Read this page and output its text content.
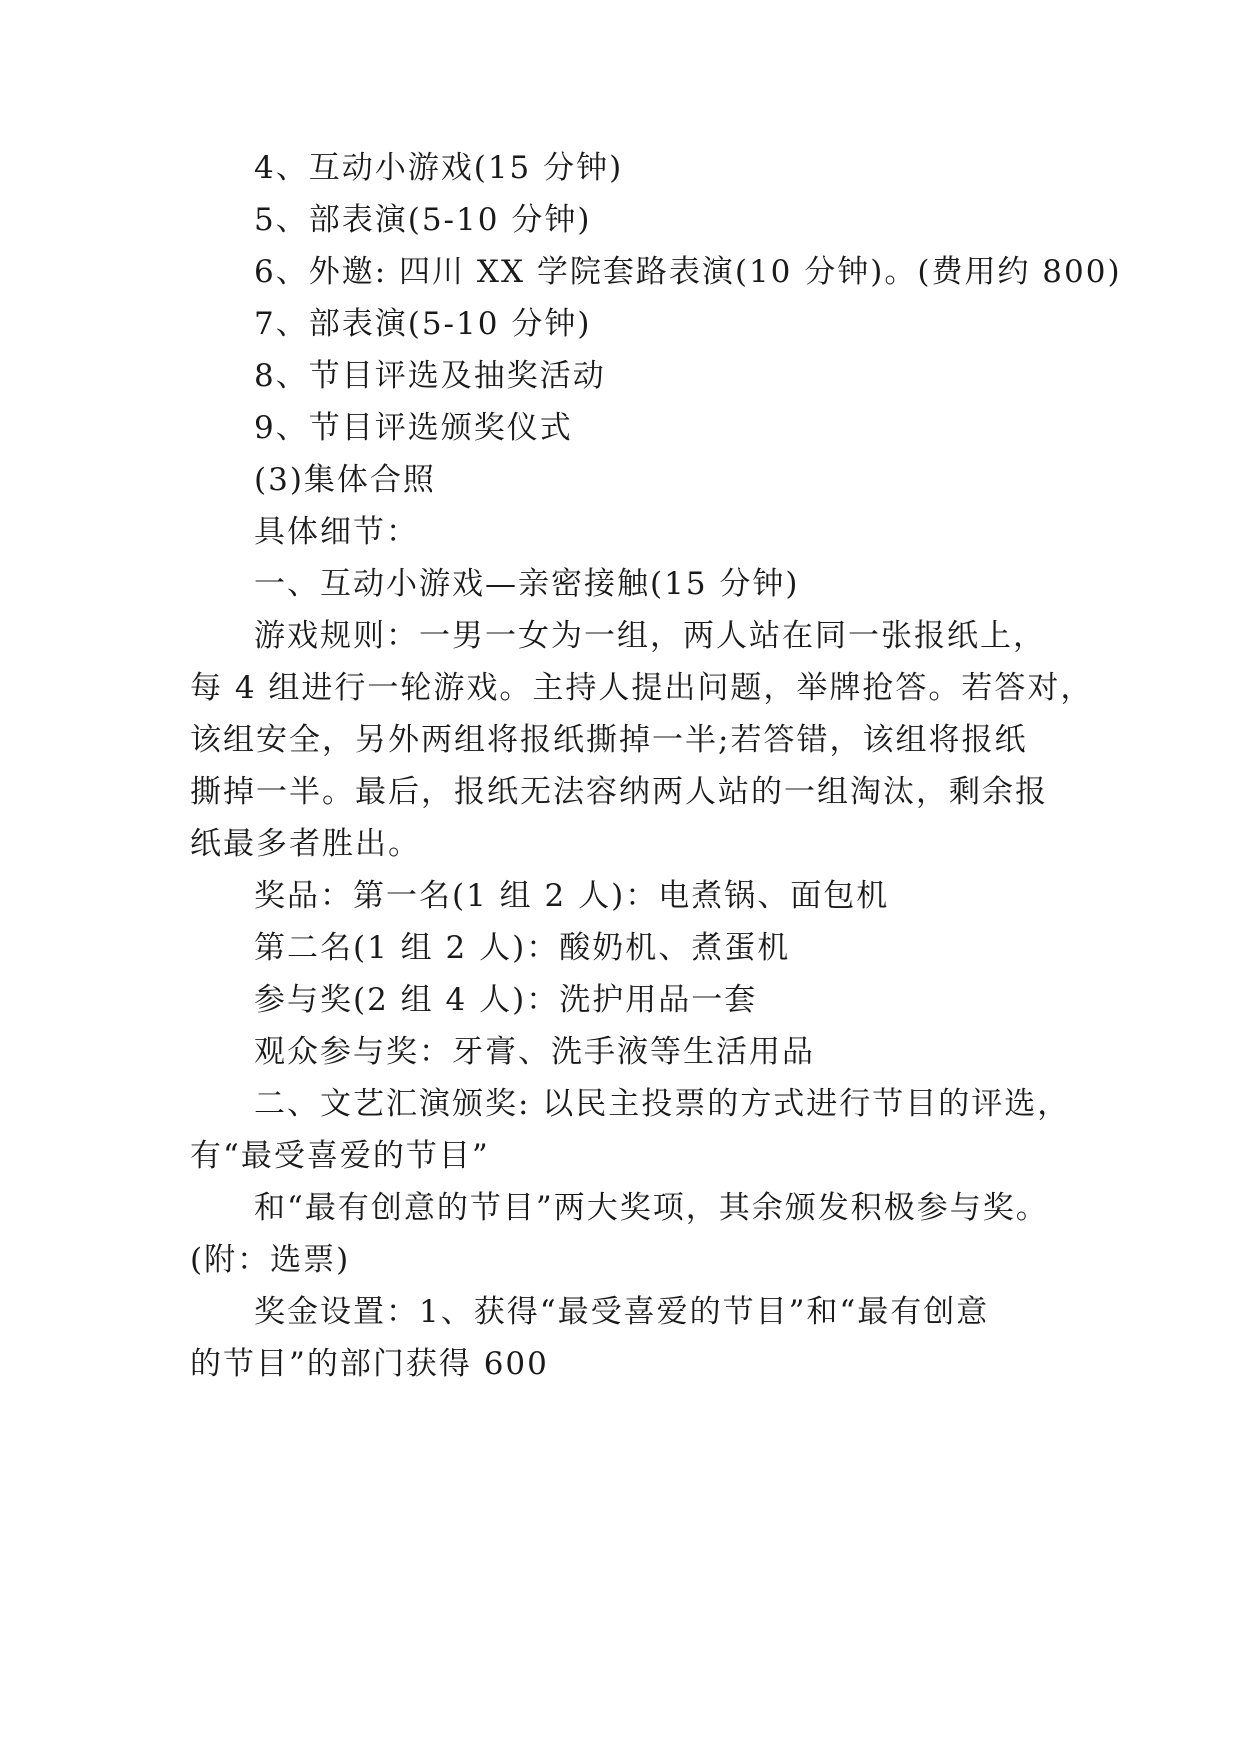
4、互动小游戏(15 分钟)
5、部表演(5-10 分钟)
6、外邀: 四川 XX 学院套路表演(10 分钟)。(费用约 800)
7、部表演(5-10 分钟)
8、节目评选及抽奖活动
9、节目评选颁奖仪式
(3)集体合照
具体细节：
一、互动小游戏—亲密接触(15 分钟)
游戏规则：一男一女为一组，两人站在同一张报纸上，
每 4 组进行一轮游戏。主持人提出问题，举牌抢答。若答对，
该组安全，另外两组将报纸撕掉一半;若答错，该组将报纸
撕掉一半。最后，报纸无法容纳两人站的一组淘汰，剩余报
纸最多者胜出。
奖品：第一名(1 组 2 人)：电煮锅、面包机
第二名(1 组 2 人)：酸奶机、煮蛋机
参与奖(2 组 4 人)：洗护用品一套
观众参与奖：牙膏、洗手液等生活用品
二、文艺汇演颁奖: 以民主投票的方式进行节目的评选，
有“最受喜爱的节目”
和“最有创意的节目”两大奖项，其余颁发积极参与奖。
(附：选票)
奖金设置：1、获得“最受喜爱的节目”和“最有创意
的节目”的部门获得 600
